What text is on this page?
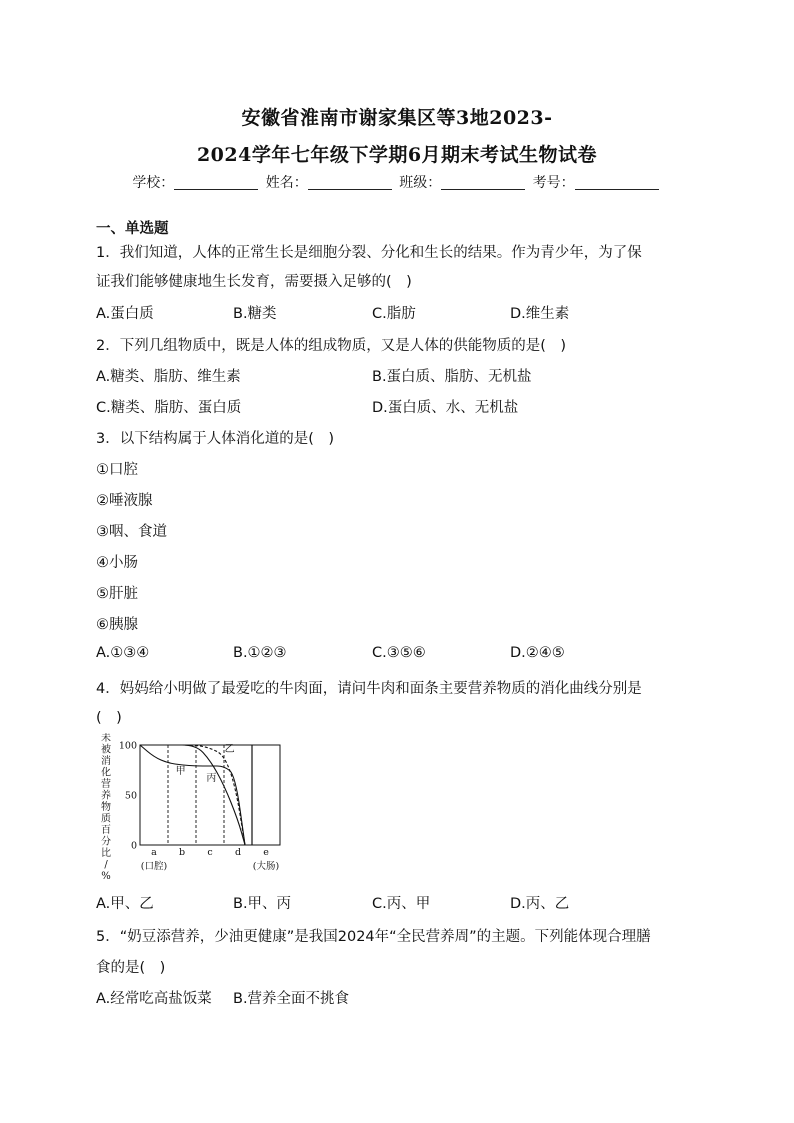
安徽省淮南市谢家集区等3地2023-
2024学年七年级下学期6月期末考试生物试卷
学校：	姓名：	班级：	考号：
一、单选题
1．我们知道，人体的正常生长是细胞分裂、分化和生长的结果。作为青少年，为了保
证我们能够健康地生长发育，需要摄入足够的(　)
A.蛋白质	B.糖类	C.脂肪	D.维生素
2．下列几组物质中，既是人体的组成物质，又是人体的供能物质的是(　)
A.糖类、脂肪、维生素	B.蛋白质、脂肪、无机盐
C.糖类、脂肪、蛋白质	D.蛋白质、水、无机盐
3．以下结构属于人体消化道的是(　)
①口腔
②唾液腺
③咽、食道
④小肠
⑤肝脏
⑥胰腺
A.①③④	B.①②③	C.③⑤⑥	D.②④⑤
4．妈妈给小明做了最爱吃的牛肉面，请问牛肉和面条主要营养物质的消化曲线分别是
(　)
未
被
消
化
营
养
物
质
百
分
比
/
%
100
50
0
a
(口腔)
b c d e
(大肠)
甲
丙
乙
A.甲、乙	B.甲、丙	C.丙、甲	D.丙、乙
5．“奶豆添营养，少油更健康”是我国2024年“全民营养周”的主题。下列能体现合理膳
食的是(　)
A.经常吃高盐饭菜 B.营养全面不挑食
